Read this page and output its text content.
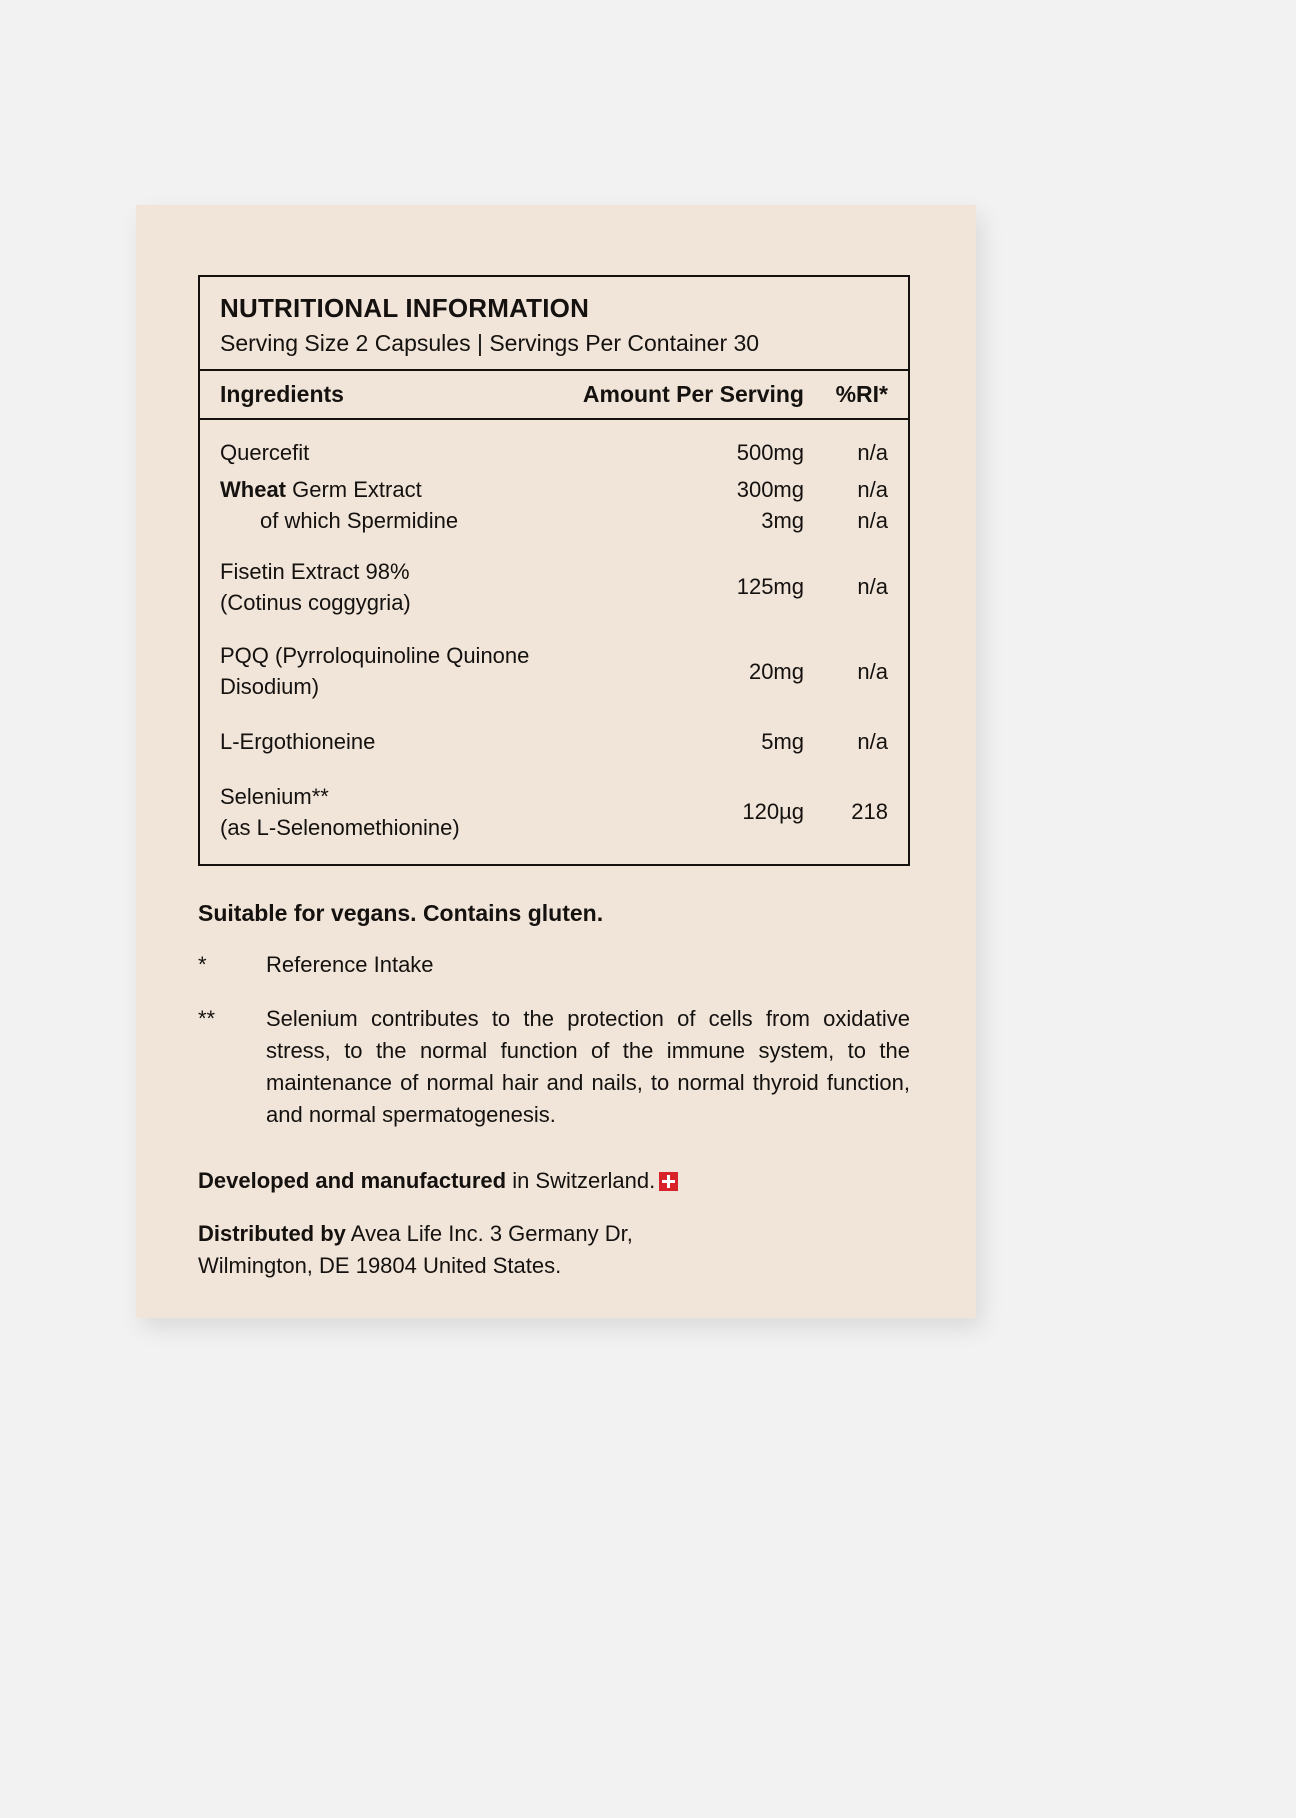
NUTRITIONAL INFORMATION
Serving Size 2 Capsules | Servings Per Container 30
Ingredients	Amount Per Serving	%RI*
Quercefit	500mg	n/a
Wheat Germ Extract	300mg	n/a
of which Spermidine	3mg	n/a
Fisetin Extract 98%
(Cotinus coggygria)
125mg	n/a
PQQ (Pyrroloquinoline Quinone
Disodium)
20mg	n/a
L-Ergothioneine	5mg	n/a
Selenium**
(as L-Selenomethionine)
120µg	218
Suitable for vegans. Contains gluten.
*	Reference Intake
**	Selenium contributes to the protection of cells from oxidative stress, to the normal function of the immune system, to the maintenance of normal hair and nails, to normal thyroid function, and normal spermatogenesis.
Developed and manufactured in Switzerland.
Distributed by Avea Life Inc. 3 Germany Dr,
Wilmington, DE 19804 United States.
